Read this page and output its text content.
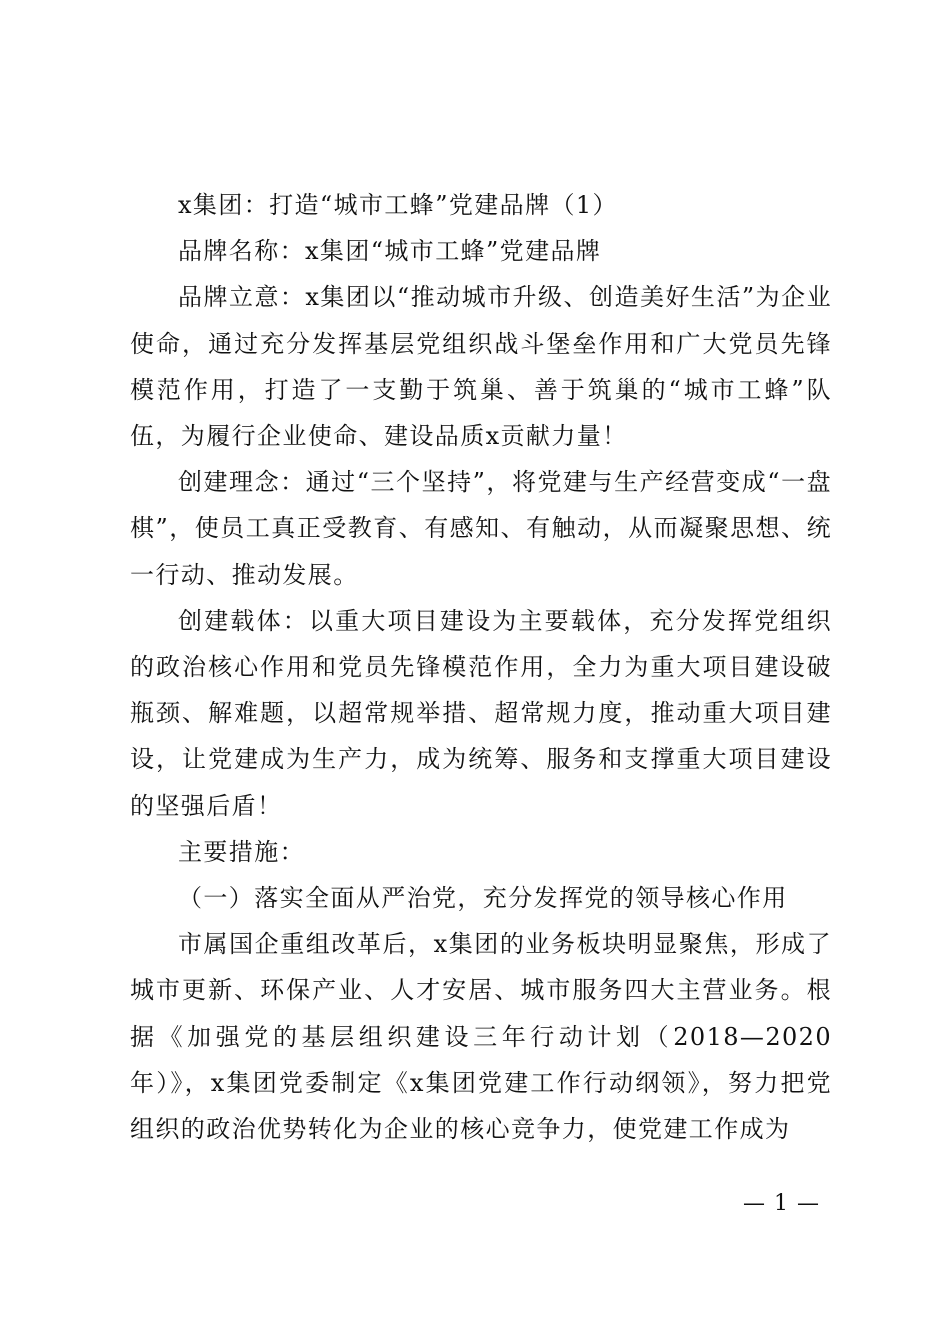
x集团：打造“城市工蜂”党建品牌（1）

品牌名称：x集团“城市工蜂”党建品牌

品牌立意：x集团以“推动城市升级、创造美好生活”为企业使命，通过充分发挥基层党组织战斗堡垒作用和广大党员先锋模范作用，打造了一支勤于筑巢、善于筑巢的“城市工蜂”队伍，为履行企业使命、建设品质x贡献力量！

创建理念：通过“三个坚持”，将党建与生产经营变成“一盘棋”，使员工真正受教育、有感知、有触动，从而凝聚思想、统一行动、推动发展。

创建载体：以重大项目建设为主要载体，充分发挥党组织的政治核心作用和党员先锋模范作用，全力为重大项目建设破瓶颈、解难题，以超常规举措、超常规力度，推动重大项目建设，让党建成为生产力，成为统筹、服务和支撑重大项目建设的坚强后盾！

主要措施：

（一）落实全面从严治党，充分发挥党的领导核心作用

市属国企重组改革后，x集团的业务板块明显聚焦，形成了城市更新、环保产业、人才安居、城市服务四大主营业务。根据《加强党的基层组织建设三年行动计划（2018—2020年）》，x集团党委制定《x集团党建工作行动纲领》，努力把党组织的政治优势转化为企业的核心竞争力，使党建工作成为

— 1 —
